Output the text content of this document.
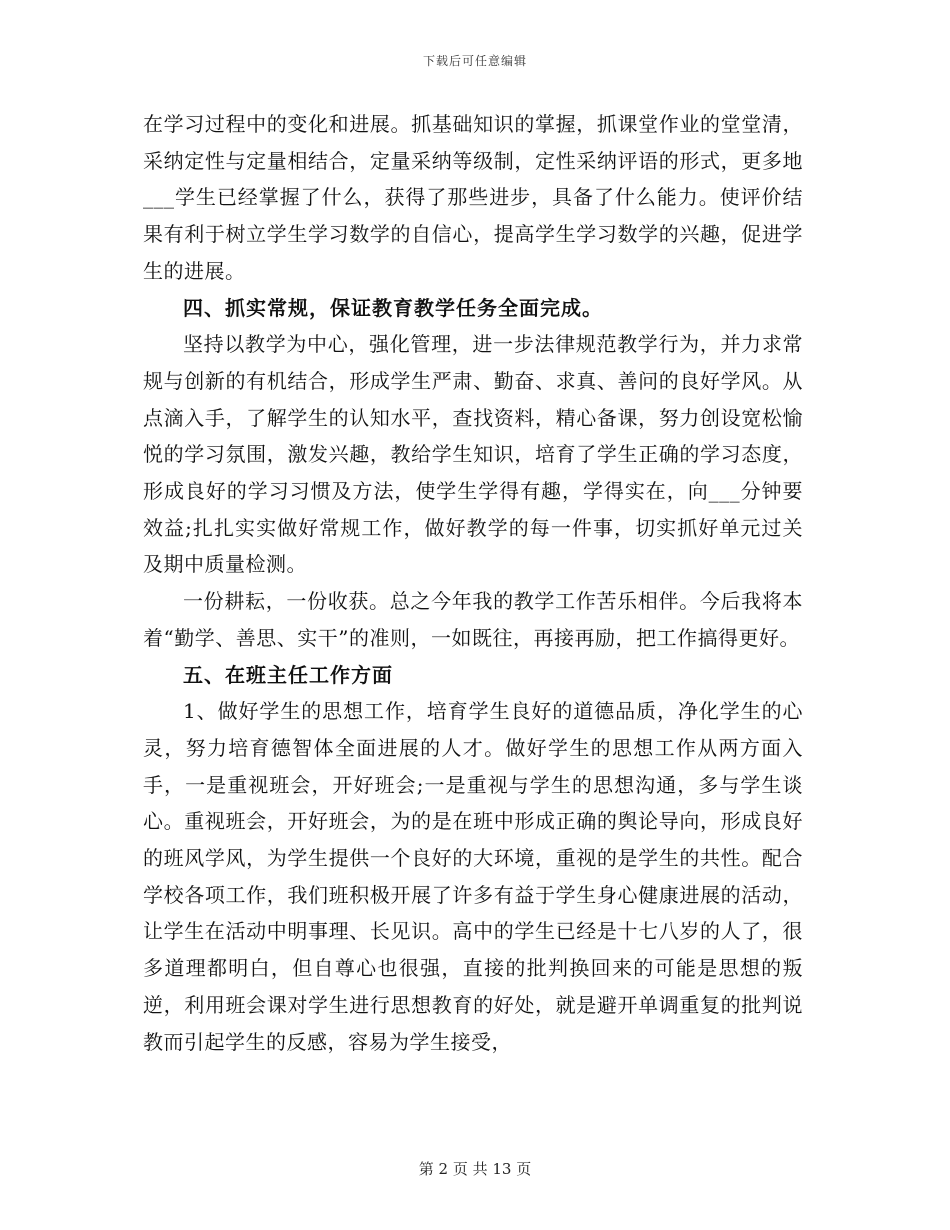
下载后可任意编辑

在学习过程中的变化和进展。抓基础知识的掌握，抓课堂作业的堂堂清，采纳定性与定量相结合，定量采纳等级制，定性采纳评语的形式，更多地___学生已经掌握了什么，获得了那些进步，具备了什么能力。使评价结果有利于树立学生学习数学的自信心，提高学生学习数学的兴趣，促进学生的进展。

四、抓实常规，保证教育教学任务全面完成。

坚持以教学为中心，强化管理，进一步法律规范教学行为，并力求常规与创新的有机结合，形成学生严肃、勤奋、求真、善问的良好学风。从点滴入手，了解学生的认知水平，查找资料，精心备课，努力创设宽松愉悦的学习氛围，激发兴趣，教给学生知识，培育了学生正确的学习态度，形成良好的学习习惯及方法，使学生学得有趣，学得实在，向___分钟要效益;扎扎实实做好常规工作，做好教学的每一件事，切实抓好单元过关及期中质量检测。

一份耕耘，一份收获。总之今年我的教学工作苦乐相伴。今后我将本着“勤学、善思、实干”的准则，一如既往，再接再励，把工作搞得更好。

五、在班主任工作方面

1、做好学生的思想工作，培育学生良好的道德品质，净化学生的心灵，努力培育德智体全面进展的人才。做好学生的思想工作从两方面入手，一是重视班会，开好班会;一是重视与学生的思想沟通，多与学生谈心。重视班会，开好班会，为的是在班中形成正确的舆论导向，形成良好的班风学风，为学生提供一个良好的大环境，重视的是学生的共性。配合学校各项工作，我们班积极开展了许多有益于学生身心健康进展的活动，让学生在活动中明事理、长见识。高中的学生已经是十七八岁的人了，很多道理都明白，但自尊心也很强，直接的批判换回来的可能是思想的叛逆，利用班会课对学生进行思想教育的好处，就是避开单调重复的批判说教而引起学生的反感，容易为学生接受，

第 2 页 共 13 页
